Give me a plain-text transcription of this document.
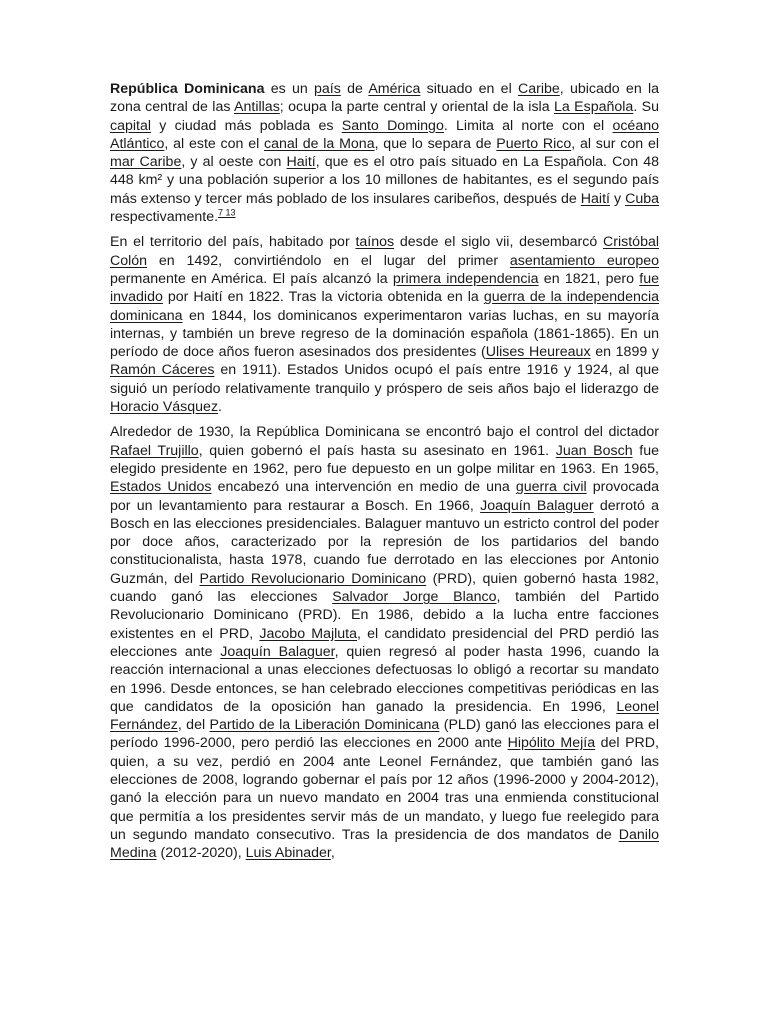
República Dominicana es un país de América situado en el Caribe, ubicado en la zona central de las Antillas; ocupa la parte central y oriental de la isla La Española. Su capital y ciudad más poblada es Santo Domingo. Limita al norte con el océano Atlántico, al este con el canal de la Mona, que lo separa de Puerto Rico, al sur con el mar Caribe, y al oeste con Haití, que es el otro país situado en La Española. Con 48 448 km² y una población superior a los 10 millones de habitantes, es el segundo país más extenso y tercer más poblado de los insulares caribeños, después de Haití y Cuba respectivamente.$^{7 13}$

En el territorio del país, habitado por taínos desde el siglo vii, desembarcó Cristóbal Colón en 1492, convirtiéndolo en el lugar del primer asentamiento europeo permanente en América. El país alcanzó la primera independencia en 1821, pero fue invadido por Haití en 1822. Tras la victoria obtenida en la guerra de la independencia dominicana en 1844, los dominicanos experimentaron varias luchas, en su mayoría internas, y también un breve regreso de la dominación española (1861-1865). En un período de doce años fueron asesinados dos presidentes (Ulises Heureaux en 1899 y Ramón Cáceres en 1911). Estados Unidos ocupó el país entre 1916 y 1924, al que siguió un período relativamente tranquilo y próspero de seis años bajo el liderazgo de Horacio Vásquez.

Alrededor de 1930, la República Dominicana se encontró bajo el control del dictador Rafael Trujillo, quien gobernó el país hasta su asesinato en 1961. Juan Bosch fue elegido presidente en 1962, pero fue depuesto en un golpe militar en 1963. En 1965, Estados Unidos encabezó una intervención en medio de una guerra civil provocada por un levantamiento para restaurar a Bosch. En 1966, Joaquín Balaguer derrotó a Bosch en las elecciones presidenciales. Balaguer mantuvo un estricto control del poder por doce años, caracterizado por la represión de los partidarios del bando constitucionalista, hasta 1978, cuando fue derrotado en las elecciones por Antonio Guzmán, del Partido Revolucionario Dominicano (PRD), quien gobernó hasta 1982, cuando ganó las elecciones Salvador Jorge Blanco, también del Partido Revolucionario Dominicano (PRD). En 1986, debido a la lucha entre facciones existentes en el PRD, Jacobo Majluta, el candidato presidencial del PRD perdió las elecciones ante Joaquín Balaguer, quien regresó al poder hasta 1996, cuando la reacción internacional a unas elecciones defectuosas lo obligó a recortar su mandato en 1996. Desde entonces, se han celebrado elecciones competitivas periódicas en las que candidatos de la oposición han ganado la presidencia. En 1996, Leonel Fernández, del Partido de la Liberación Dominicana (PLD) ganó las elecciones para el período 1996-2000, pero perdió las elecciones en 2000 ante Hipólito Mejía del PRD, quien, a su vez, perdió en 2004 ante Leonel Fernández, que también ganó las elecciones de 2008, logrando gobernar el país por 12 años (1996-2000 y 2004-2012), ganó la elección para un nuevo mandato en 2004 tras una enmienda constitucional que permitía a los presidentes servir más de un mandato, y luego fue reelegido para un segundo mandato consecutivo. Tras la presidencia de dos mandatos de Danilo Medina (2012-2020), Luis Abinader,
